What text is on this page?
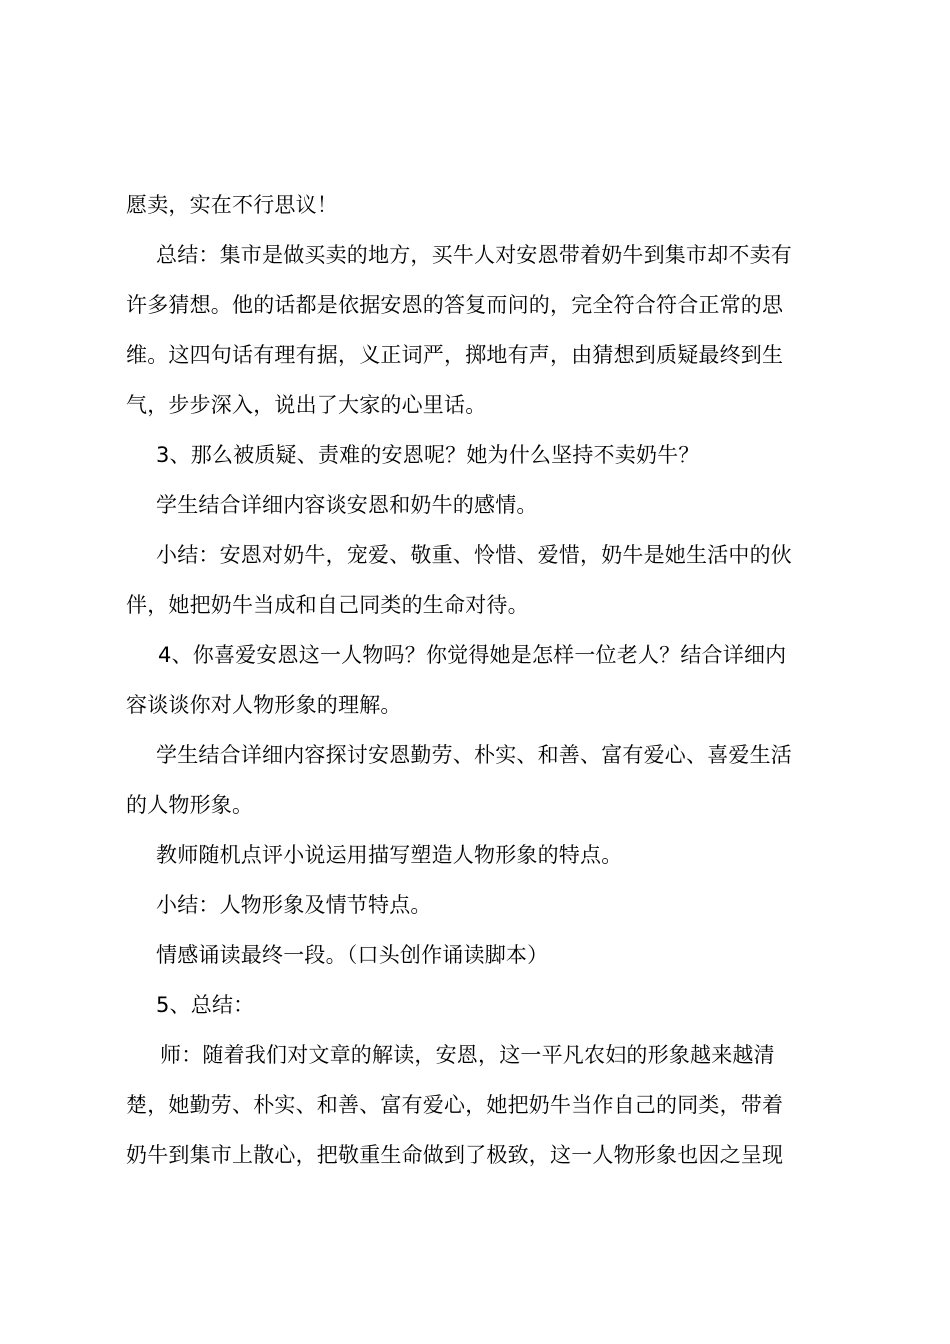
愿卖，实在不行思议！
总结：集市是做买卖的地方，买牛人对安恩带着奶牛到集市却不卖有
许多猜想。他的话都是依据安恩的答复而问的，完全符合符合正常的思
维。这四句话有理有据，义正词严，掷地有声，由猜想到质疑最终到生
气，步步深入，说出了大家的心里话。
3、那么被质疑、责难的安恩呢？她为什么坚持不卖奶牛？
学生结合详细内容谈安恩和奶牛的感情。
小结：安恩对奶牛，宠爱、敬重、怜惜、爱惜，奶牛是她生活中的伙
伴，她把奶牛当成和自己同类的生命对待。
4、你喜爱安恩这一人物吗？你觉得她是怎样一位老人？结合详细内
容谈谈你对人物形象的理解。
学生结合详细内容探讨安恩勤劳、朴实、和善、富有爱心、喜爱生活
的人物形象。
教师随机点评小说运用描写塑造人物形象的特点。
小结：人物形象及情节特点。
情感诵读最终一段。（口头创作诵读脚本）
5、总结：
师：随着我们对文章的解读，安恩，这一平凡农妇的形象越来越清
楚，她勤劳、朴实、和善、富有爱心，她把奶牛当作自己的同类，带着
奶牛到集市上散心，把敬重生命做到了极致，这一人物形象也因之呈现
